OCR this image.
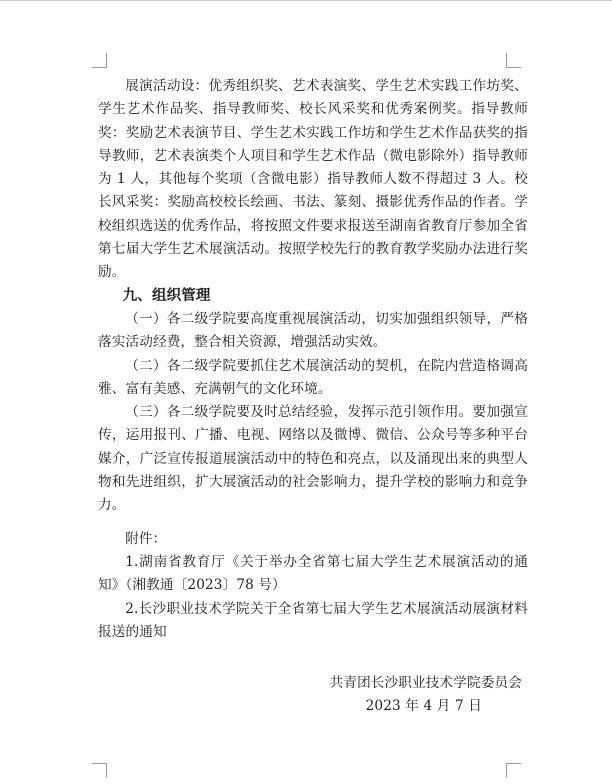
展演活动设：优秀组织奖、艺术表演奖、学生艺术实践工作坊奖、学生艺术作品奖、指导教师奖、校长风采奖和优秀案例奖。指导教师奖：奖励艺术表演节目、学生艺术实践工作坊和学生艺术作品获奖的指导教师，艺术表演类个人项目和学生艺术作品（微电影除外）指导教师为 1 人，其他每个奖项（含微电影）指导教师人数不得超过 3 人。校长风采奖：奖励高校校长绘画、书法、篆刻、摄影优秀作品的作者。学校组织选送的优秀作品，将按照文件要求报送至湖南省教育厅参加全省第七届大学生艺术展演活动。按照学校先行的教育教学奖励办法进行奖励。

九、组织管理

（一）各二级学院要高度重视展演活动，切实加强组织领导，严格落实活动经费，整合相关资源，增强活动实效。

（二）各二级学院要抓住艺术展演活动的契机，在院内营造格调高雅、富有美感、充满朝气的文化环境。

（三）各二级学院要及时总结经验，发挥示范引领作用。要加强宣传，运用报刊、广播、电视、网络以及微博、微信、公众号等多种平台媒介，广泛宣传报道展演活动中的特色和亮点，以及涌现出来的典型人物和先进组织，扩大展演活动的社会影响力，提升学校的影响力和竞争力。

附件：

1.湖南省教育厅《关于举办全省第七届大学生艺术展演活动的通知》（湘教通〔2023〕78 号）

2.长沙职业技术学院关于全省第七届大学生艺术展演活动展演材料报送的通知

共青团长沙职业技术学院委员会

2023 年 4 月 7 日
